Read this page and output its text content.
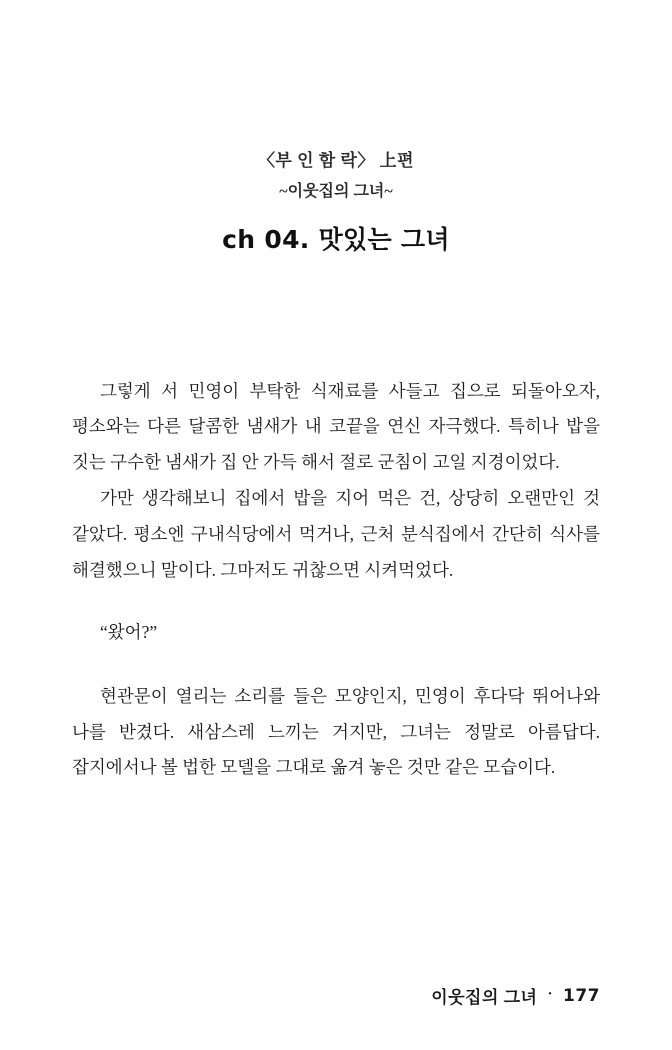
〈부 인 함 락〉 上편
~이웃집의 그녀~
ch 04. 맛있는 그녀

그렇게 서 민영이 부탁한 식재료를 사들고 집으로 되돌아오자, 평소와는 다른 달콤한 냄새가 내 코끝을 연신 자극했다. 특히나 밥을 짓는 구수한 냄새가 집 안 가득 해서 절로 군침이 고일 지경이었다.

가만 생각해보니 집에서 밥을 지어 먹은 건, 상당히 오랜만인 것 같았다. 평소엔 구내식당에서 먹거나, 근처 분식집에서 간단히 식사를 해결했으니 말이다. 그마저도 귀찮으면 시켜먹었다.

“왔어?”

현관문이 열리는 소리를 들은 모양인지, 민영이 후다닥 뛰어나와 나를 반겼다. 새삼스레 느끼는 거지만, 그녀는 정말로 아름답다. 잡지에서나 볼 법한 모델을 그대로 옮겨 놓은 것만 같은 모습이다.

이웃집의 그녀 · 177
